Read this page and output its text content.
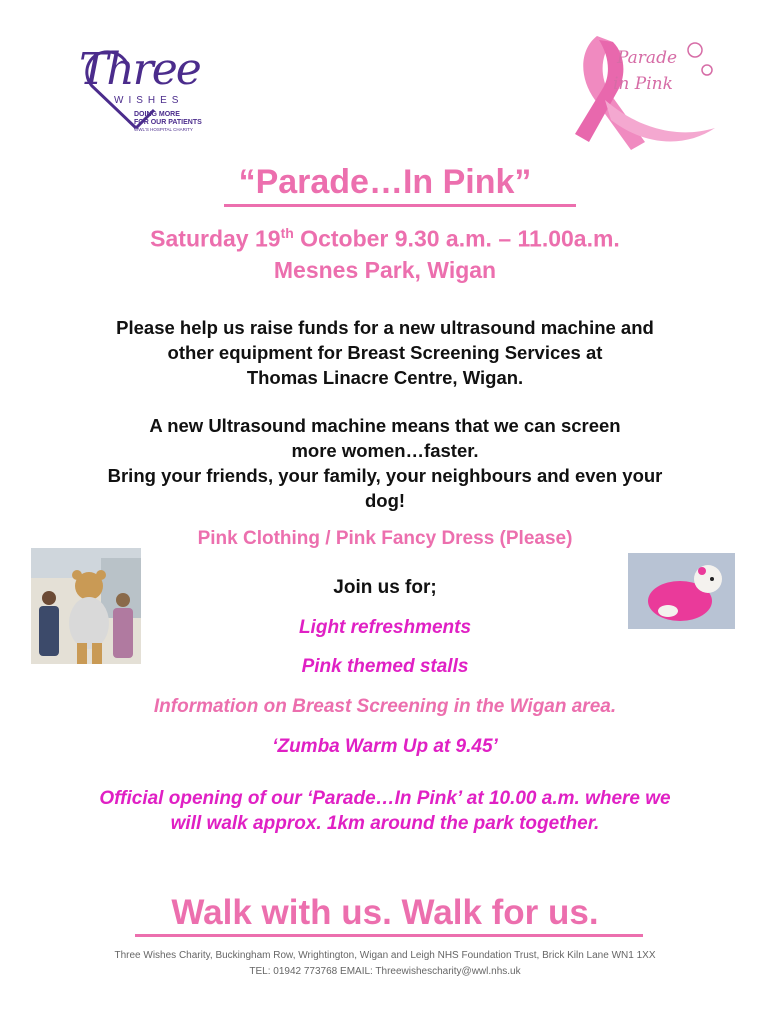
Three
WISHES
DOING MORE
FOR OUR PATIENTS
WWL'S HOSPITAL CHARITY
Parade
in Pink
“Parade…In Pink”
Saturday 19th October 9.30 a.m. – 11.00a.m.
Mesnes Park, Wigan
Please help us raise funds for a new ultrasound machine and
other equipment for Breast Screening Services at
Thomas Linacre Centre, Wigan.
A new Ultrasound machine means that we can screen
more women…faster.
Bring your friends, your family, your neighbours and even your
dog!
Pink Clothing / Pink Fancy Dress (Please)
Join us for;
Light refreshments
Pink themed stalls
Information on Breast Screening in the Wigan area.
‘Zumba Warm Up at 9.45’
Official opening of our ‘Parade…In Pink’ at 10.00 a.m. where we
will walk approx. 1km around the park together.
Walk with us. Walk for us.
Three Wishes Charity, Buckingham Row, Wrightington, Wigan and Leigh NHS Foundation Trust, Brick Kiln Lane WN1 1XX
TEL: 01942 773768 EMAIL: Threewishescharity@wwl.nhs.uk
